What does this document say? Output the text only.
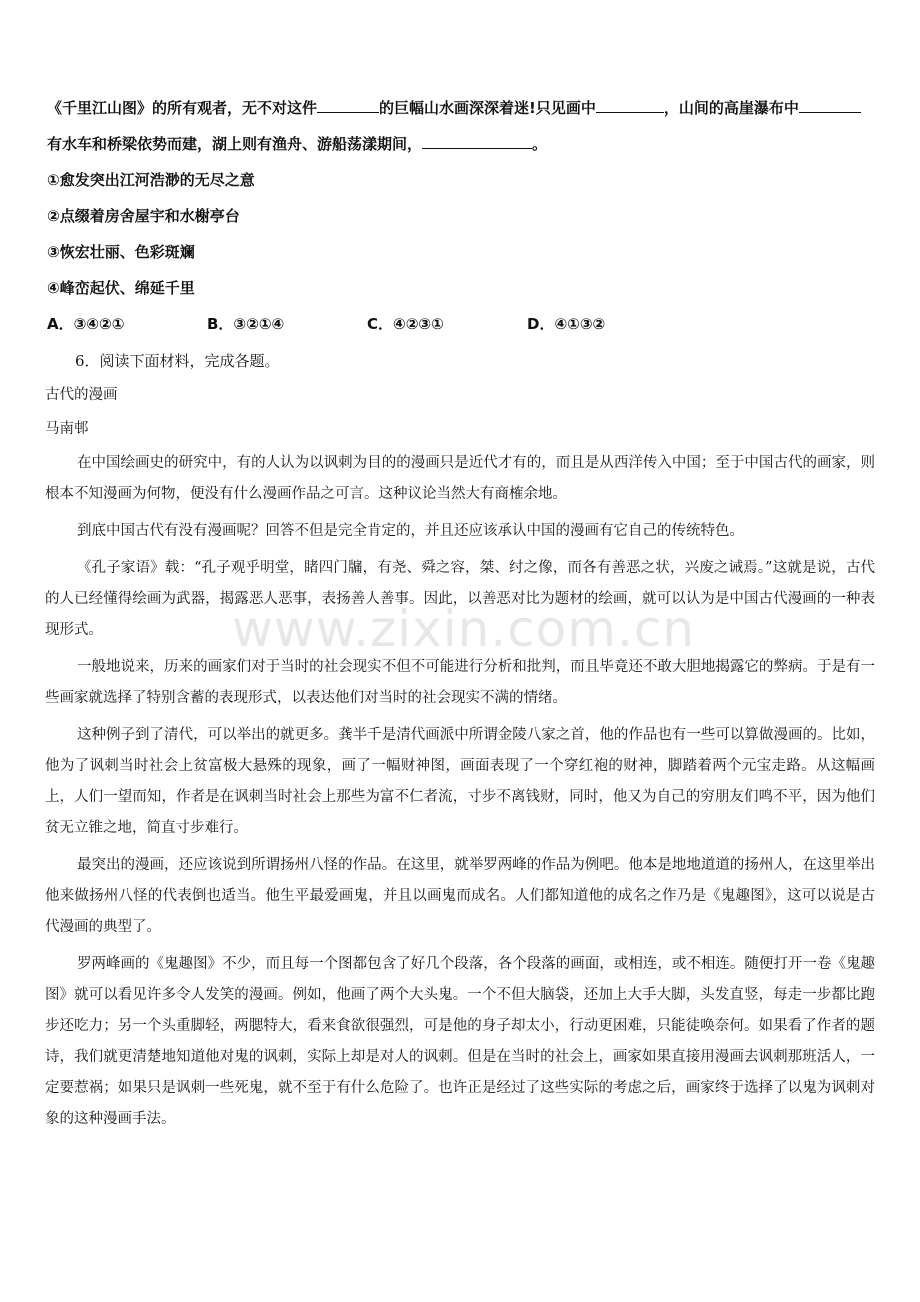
《千里江山图》的所有观者，无不对这件	的巨幅山水画深深着迷!只见画中	，山间的高崖瀑布中
有水车和桥梁依势而建，湖上则有渔舟、游船荡漾期间，	。
①愈发突出江河浩渺的无尽之意
②点缀着房舍屋宇和水榭亭台
③恢宏壮丽、色彩斑斓
④峰峦起伏、绵延千里
A．③④②①	B．③②①④	C．④②③①	D．④①③②
6．阅读下面材料，完成各题。
古代的漫画
马南邨

在中国绘画史的研究中，有的人认为以讽刺为目的的漫画只是近代才有的，而且是从西洋传入中国；至于中国古代的画家，则根本不知漫画为何物，便没有什么漫画作品之可言。这种议论当然大有商榷余地。

到底中国古代有没有漫画呢？回答不但是完全肯定的，并且还应该承认中国的漫画有它自己的传统特色。

《孔子家语》载：“孔子观乎明堂，睹四门牖，有尧、舜之容，桀、纣之像，而各有善恶之状，兴废之诫焉。”这就是说，古代的人已经懂得绘画为武器，揭露恶人恶事，表扬善人善事。因此，以善恶对比为题材的绘画，就可以认为是中国古代漫画的一种表现形式。

一般地说来，历来的画家们对于当时的社会现实不但不可能进行分析和批判，而且毕竟还不敢大胆地揭露它的弊病。于是有一些画家就选择了特别含蓄的表现形式，以表达他们对当时的社会现实不满的情绪。

这种例子到了清代，可以举出的就更多。龚半千是清代画派中所谓金陵八家之首，他的作品也有一些可以算做漫画的。比如，他为了讽刺当时社会上贫富极大悬殊的现象，画了一幅财神图，画面表现了一个穿红袍的财神，脚踏着两个元宝走路。从这幅画上，人们一望而知，作者是在讽刺当时社会上那些为富不仁者流，寸步不离钱财，同时，他又为自己的穷朋友们鸣不平，因为他们贫无立锥之地，简直寸步难行。

最突出的漫画，还应该说到所谓扬州八怪的作品。在这里，就举罗两峰的作品为例吧。他本是地地道道的扬州人，在这里举出他来做扬州八怪的代表倒也适当。他生平最爱画鬼，并且以画鬼而成名。人们都知道他的成名之作乃是《鬼趣图》，这可以说是古代漫画的典型了。

罗两峰画的《鬼趣图》不少，而且每一个图都包含了好几个段落，各个段落的画面，或相连，或不相连。随便打开一卷《鬼趣图》就可以看见许多令人发笑的漫画。例如，他画了两个大头鬼。一个不但大脑袋，还加上大手大脚，头发直竖，每走一步都比跑步还吃力；另一个头重脚轻，两腮特大，看来食欲很强烈，可是他的身子却太小，行动更困难，只能徒唤奈何。如果看了作者的题诗，我们就更清楚地知道他对鬼的讽刺，实际上却是对人的讽刺。但是在当时的社会上，画家如果直接用漫画去讽刺那班活人，一定要惹祸；如果只是讽刺一些死鬼，就不至于有什么危险了。也许正是经过了这些实际的考虑之后，画家终于选择了以鬼为讽刺对象的这种漫画手法。

www.zixin.com.cn
